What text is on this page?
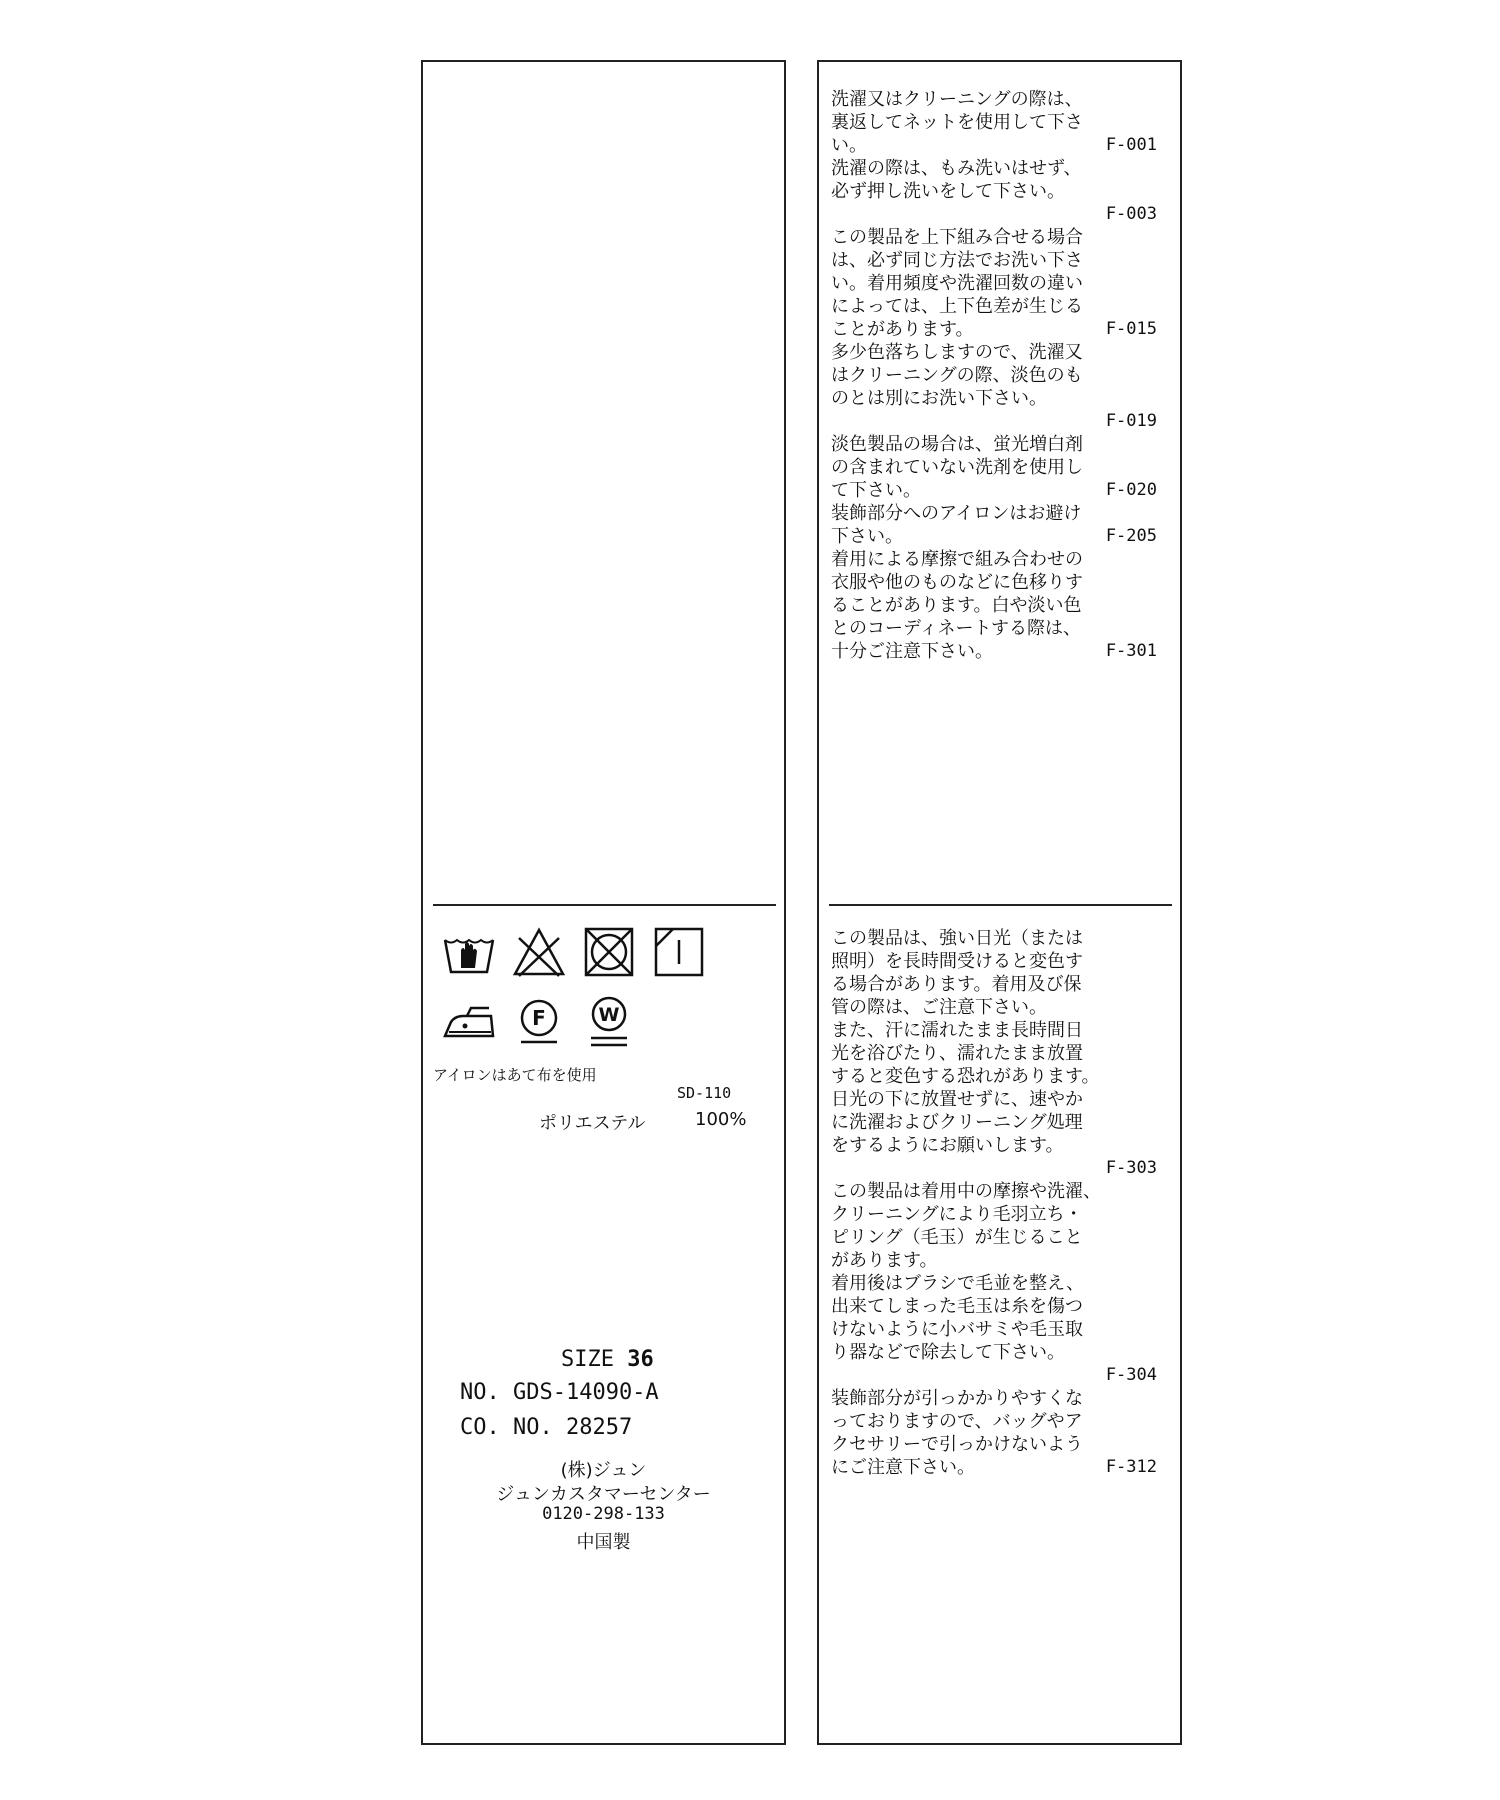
F	W
アイロンはあて布を使用
SD-110
ポリエステル	100%
SIZE 36
NO. GDS-14090-A
CO. NO. 28257
(株)ジュン
ジュンカスタマーセンター
0120-298-133
中国製
洗濯又はクリーニングの際は、
裏返してネットを使用して下さ
い。	F-001
洗濯の際は、もみ洗いはせず、
必ず押し洗いをして下さい。
F-003
この製品を上下組み合せる場合
は、必ず同じ方法でお洗い下さ
い。着用頻度や洗濯回数の違い
によっては、上下色差が生じる
ことがあります。	F-015
多少色落ちしますので、洗濯又
はクリーニングの際、淡色のも
のとは別にお洗い下さい。
F-019
淡色製品の場合は、蛍光増白剤
の含まれていない洗剤を使用し
て下さい。	F-020
装飾部分へのアイロンはお避け
下さい。	F-205
着用による摩擦で組み合わせの
衣服や他のものなどに色移りす
ることがあります。白や淡い色
とのコーディネートする際は、
十分ご注意下さい。	F-301
この製品は、強い日光（または
照明）を長時間受けると変色す
る場合があります。着用及び保
管の際は、ご注意下さい。
また、汗に濡れたまま長時間日
光を浴びたり、濡れたまま放置
すると変色する恐れがあります。
日光の下に放置せずに、速やか
に洗濯およびクリーニング処理
をするようにお願いします。
F-303
この製品は着用中の摩擦や洗濯、
クリーニングにより毛羽立ち・
ピリング（毛玉）が生じること
があります。
着用後はブラシで毛並を整え、
出来てしまった毛玉は糸を傷つ
けないように小バサミや毛玉取
り器などで除去して下さい。
F-304
装飾部分が引っかかりやすくな
っておりますので、バッグやア
クセサリーで引っかけないよう
にご注意下さい。	F-312
